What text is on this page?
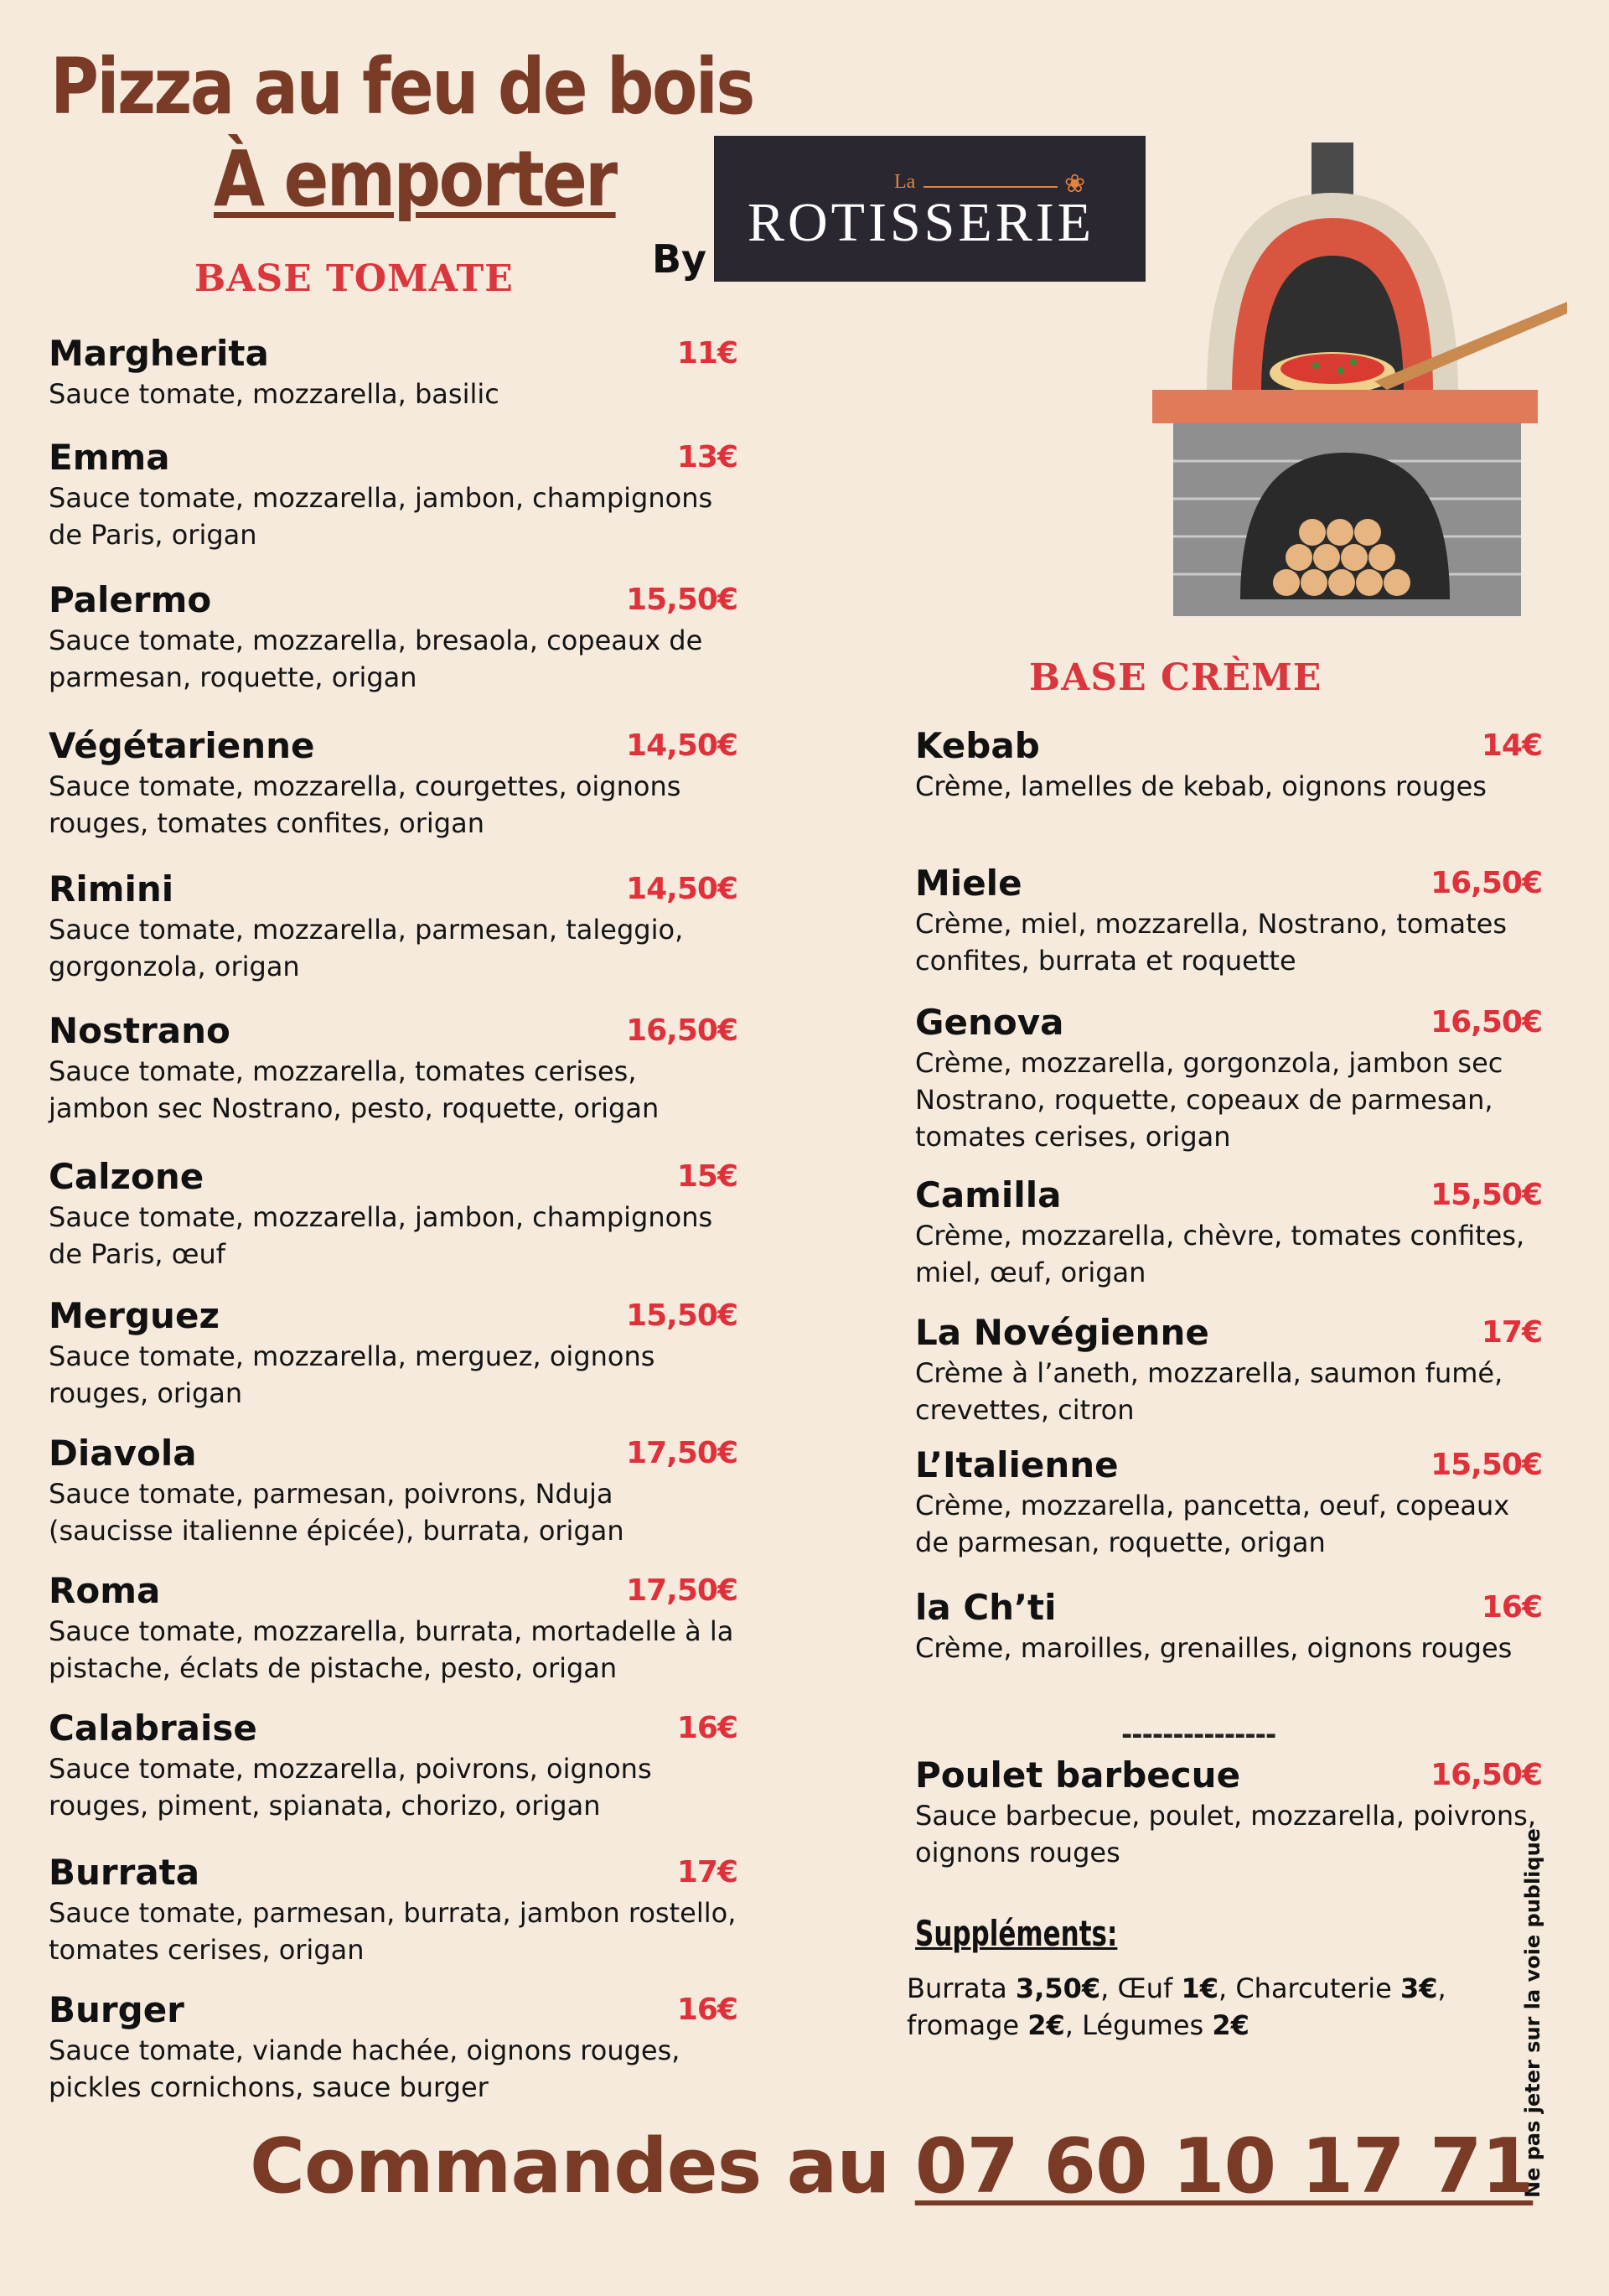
Pizza au feu de bois
À emporter
By
La	❀
ROTISSERIE
BASE TOMATE
BASE CRÈME
Margherita	11€
Sauce tomate, mozzarella, basilic
Emma	13€
Sauce tomate, mozzarella, jambon, champignons de Paris, origan
Palermo	15,50€
Sauce tomate, mozzarella, bresaola, copeaux de parmesan, roquette, origan
Végétarienne	14,50€
Sauce tomate, mozzarella, courgettes, oignons rouges, tomates confites, origan
Rimini	14,50€
Sauce tomate, mozzarella, parmesan, taleggio, gorgonzola, origan
Nostrano	16,50€
Sauce tomate, mozzarella, tomates cerises, jambon sec Nostrano, pesto, roquette, origan
Calzone	15€
Sauce tomate, mozzarella, jambon, champignons de Paris, œuf
Merguez	15,50€
Sauce tomate, mozzarella, merguez, oignons rouges, origan
Diavola	17,50€
Sauce tomate, parmesan, poivrons, Nduja (saucisse italienne épicée), burrata, origan
Roma	17,50€
Sauce tomate, mozzarella, burrata, mortadelle à la pistache, éclats de pistache, pesto, origan
Calabraise	16€
Sauce tomate, mozzarella, poivrons, oignons rouges, piment, spianata, chorizo, origan
Burrata	17€
Sauce tomate, parmesan, burrata, jambon rostello, tomates cerises, origan
Burger	16€
Sauce tomate, viande hachée, oignons rouges, pickles cornichons, sauce burger
Kebab	14€
Crème, lamelles de kebab, oignons rouges
Miele	16,50€
Crème, miel, mozzarella, Nostrano, tomates confites, burrata et roquette
Genova	16,50€
Crème, mozzarella, gorgonzola, jambon sec Nostrano, roquette, copeaux de parmesan, tomates cerises, origan
Camilla	15,50€
Crème, mozzarella, chèvre, tomates confites, miel, œuf, origan
La Novégienne	17€
Crème à l’aneth, mozzarella, saumon fumé, crevettes, citron
L’Italienne	15,50€
Crème, mozzarella, pancetta, oeuf, copeaux de parmesan, roquette, origan
la Ch’ti	16€
Crème, maroilles, grenailles, oignons rouges
Poulet barbecue	16,50€
Sauce barbecue, poulet, mozzarella, poivrons, oignons rouges
---------------
Suppléments:
Burrata 3,50€, Œuf 1€, Charcuterie 3€, fromage 2€, Légumes 2€	Ne pas jeter sur la voie publique
Commandes au 07 60 10 17 71
